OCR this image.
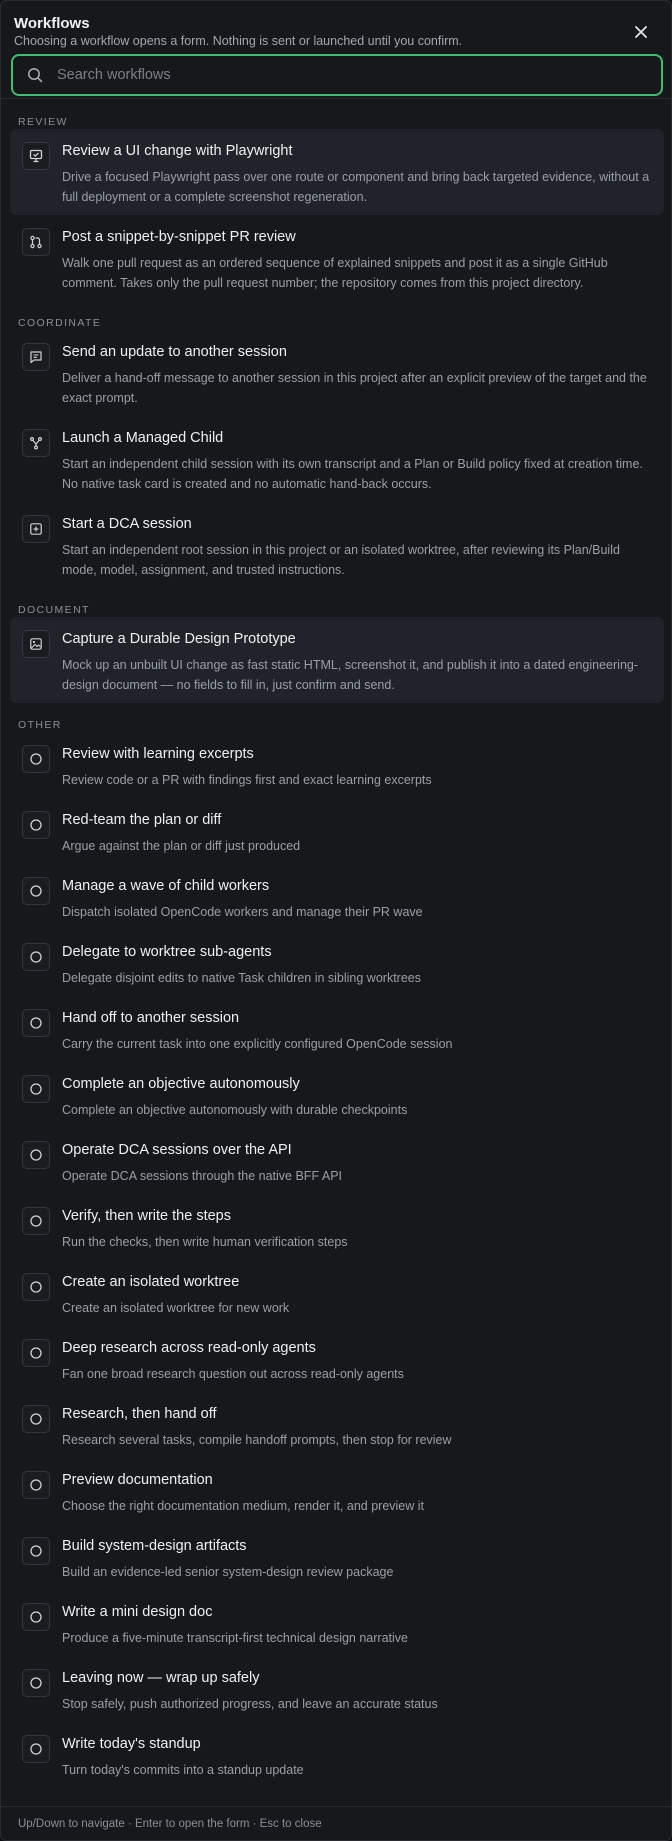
Workflows
Choosing a workflow opens a form. Nothing is sent or launched until you confirm.
Search workflows
REVIEW
Review a UI change with Playwright
Drive a focused Playwright pass over one route or component and bring back targeted evidence, without a full deployment or a complete screenshot regeneration.
Post a snippet-by-snippet PR review
Walk one pull request as an ordered sequence of explained snippets and post it as a single GitHub comment. Takes only the pull request number; the repository comes from this project directory.
COORDINATE
Send an update to another session
Deliver a hand-off message to another session in this project after an explicit preview of the target and the exact prompt.
Launch a Managed Child
Start an independent child session with its own transcript and a Plan or Build policy fixed at creation time. No native task card is created and no automatic hand-back occurs.
Start a DCA session
Start an independent root session in this project or an isolated worktree, after reviewing its Plan/Build mode, model, assignment, and trusted instructions.
DOCUMENT
Capture a Durable Design Prototype
Mock up an unbuilt UI change as fast static HTML, screenshot it, and publish it into a dated engineering-design document — no fields to fill in, just confirm and send.
OTHER
Review with learning excerpts
Review code or a PR with findings first and exact learning excerpts
Red-team the plan or diff
Argue against the plan or diff just produced
Manage a wave of child workers
Dispatch isolated OpenCode workers and manage their PR wave
Delegate to worktree sub-agents
Delegate disjoint edits to native Task children in sibling worktrees
Hand off to another session
Carry the current task into one explicitly configured OpenCode session
Complete an objective autonomously
Complete an objective autonomously with durable checkpoints
Operate DCA sessions over the API
Operate DCA sessions through the native BFF API
Verify, then write the steps
Run the checks, then write human verification steps
Create an isolated worktree
Create an isolated worktree for new work
Deep research across read-only agents
Fan one broad research question out across read-only agents
Research, then hand off
Research several tasks, compile handoff prompts, then stop for review
Preview documentation
Choose the right documentation medium, render it, and preview it
Build system-design artifacts
Build an evidence-led senior system-design review package
Write a mini design doc
Produce a five-minute transcript-first technical design narrative
Leaving now — wrap up safely
Stop safely, push authorized progress, and leave an accurate status
Write today's standup
Turn today's commits into a standup update
Up/Down to navigate · Enter to open the form · Esc to close
